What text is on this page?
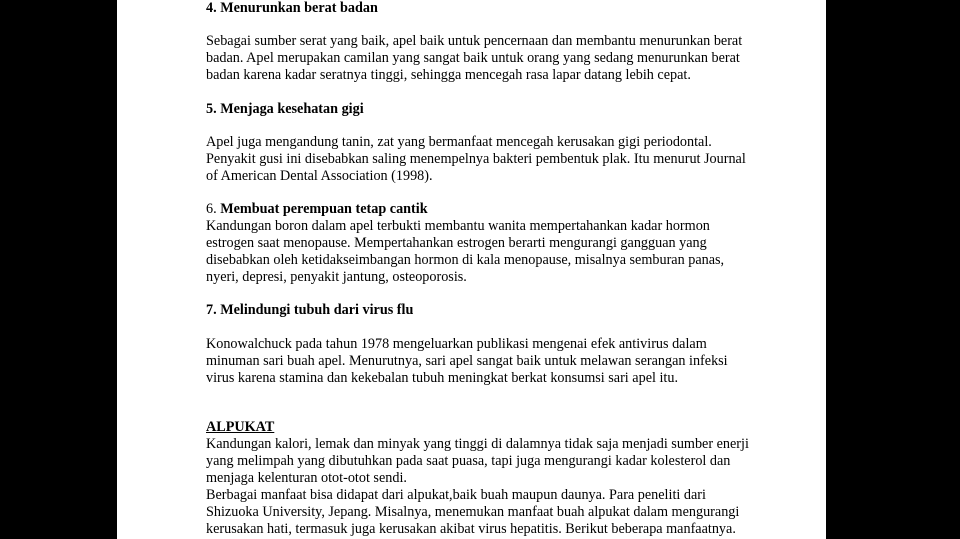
4. Menurunkan berat badan
Sebagai sumber serat yang baik, apel baik untuk pencernaan dan membantu menurunkan berat
badan. Apel merupakan camilan yang sangat baik untuk orang yang sedang menurunkan berat
badan karena kadar seratnya tinggi, sehingga mencegah rasa lapar datang lebih cepat.
5. Menjaga kesehatan gigi
Apel juga mengandung tanin, zat yang bermanfaat mencegah kerusakan gigi periodontal.
Penyakit gusi ini disebabkan saling menempelnya bakteri pembentuk plak. Itu menurut Journal
of American Dental Association (1998).
6. Membuat perempuan tetap cantik
Kandungan boron dalam apel terbukti membantu wanita mempertahankan kadar hormon
estrogen saat menopause. Mempertahankan estrogen berarti mengurangi gangguan yang
disebabkan oleh ketidakseimbangan hormon di kala menopause, misalnya semburan panas,
nyeri, depresi, penyakit jantung, osteoporosis.
7. Melindungi tubuh dari virus flu
Konowalchuck pada tahun 1978 mengeluarkan publikasi mengenai efek antivirus dalam
minuman sari buah apel. Menurutnya, sari apel sangat baik untuk melawan serangan infeksi
virus karena stamina dan kekebalan tubuh meningkat berkat konsumsi sari apel itu.
ALPUKAT
Kandungan kalori, lemak dan minyak yang tinggi di dalamnya tidak saja menjadi sumber enerji
yang melimpah yang dibutuhkan pada saat puasa, tapi juga mengurangi kadar kolesterol dan
menjaga kelenturan otot-otot sendi.
Berbagai manfaat bisa didapat dari alpukat,baik buah maupun daunya. Para peneliti dari
Shizuoka University, Jepang. Misalnya, menemukan manfaat buah alpukat dalam mengurangi
kerusakan hati, termasuk juga kerusakan akibat virus hepatitis. Berikut beberapa manfaatnya.
